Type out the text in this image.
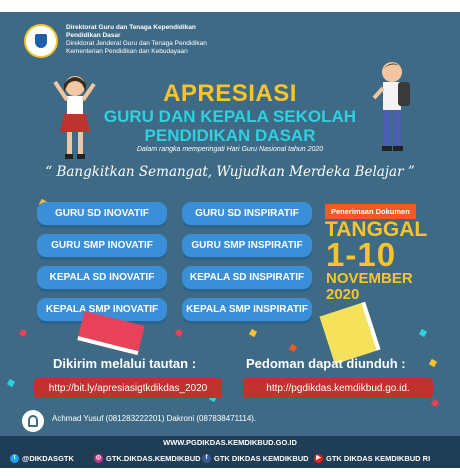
Direktorat Guru dan Tenaga Kependidikan
Pendidikan Dasar
Direktorat Jenderal Guru dan Tenaga Pendidikan
Kementerian Pendidikan dan Kebudayaan
APRESIASI
GURU DAN KEPALA SEKOLAH
PENDIDIKAN DASAR
Dalam rangka memperingati Hari Guru Nasional tahun 2020
“ Bangkitkan Semangat, Wujudkan Merdeka Belajar ”
GURU SD INOVATIF	GURU SD INSPIRATIF
GURU SMP INOVATIF	GURU SMP INSPIRATIF
KEPALA SD INOVATIF	KEPALA SD INSPIRATIF
KEPALA SMP INOVATIF	KEPALA SMP INSPIRATIF
Penerimaan Dokumen
TANGGAL
1-10
NOVEMBER
2020
Dikirim melalui tautan :
http://bit.ly/apresiasigtkdikdas_2020
Pedoman dapat diunduh :
http://pgdikdas.kemdikbud.go.id.
Achmad Yusuf (081283222201) Dakroni (087838471114).
WWW.PGDIKDAS.KEMDIKBUD.GO.ID
t @DIKDASGTK	◎ GTK.DIKDAS.KEMDIKBUD f GTK DIKDAS KEMDIKBUD	▶ GTK DIKDAS KEMDIKBUD RI
